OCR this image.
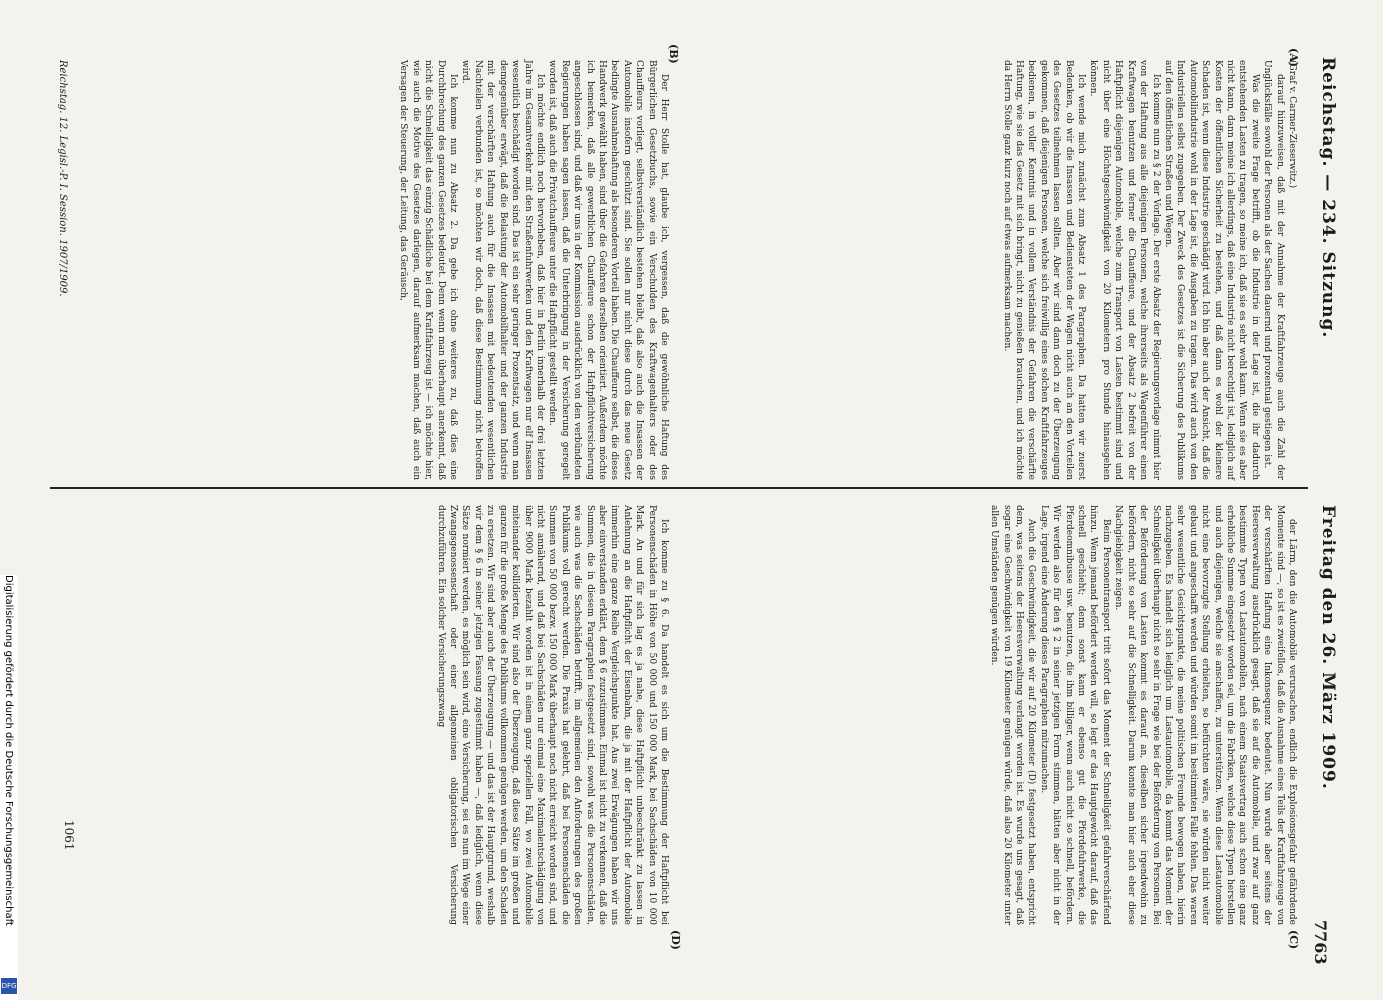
Reichstag. — 234. Sitzung.
Freitag den 26. März 1909.
7763
(A)
(B)
(C)
(D)

(Graf v. Carmer-Zieserwitz.)

darauf hinzuweisen, daß mit der Annahme der Kraftfahrzeuge auch die Zahl der Unglücksfälle sowohl der Personen als der Sachen dauernd und prozentual gestiegen ist.

Was die zweite Frage betrifft, ob die Industrie in der Lage ist, die ihr dadurch entstehenden Lasten zu tragen, so meine ich, daß sie es sehr wohl kann. Wenn sie es aber nicht kann, dann meine ich allerdings, daß eine Industrie nicht berechtigt ist, lediglich auf Kosten der öffentlichen Sicherheit zu bestehen, und daß dann es wohl der kleinere Schaden ist, wenn diese Industrie geschädigt wird. Ich bin aber auch der Ansicht, daß die Automobilindustrie wohl in der Lage ist, die Ausgaben zu tragen. Das wird auch von den Industriellen selbst zugegeben. Der Zweck des Gesetzes ist die Sicherung des Publikums auf den öffentlichen Straßen und Wegen.

Ich komme nun zu § 2 der Vorlage. Der erste Absatz der Regierungsvorlage nimmt hier von der Haftung aus alle diejenigen Personen, welche ihrerseits als Wagenführer einen Kraftwagen benutzen und ferner die Chauffeure, und der Absatz 2 befreit von der Haftpflicht diejenigen Automobile, welche zum Transport von Lasten bestimmt sind und nicht über eine Höchstgeschwindigkeit von 20 Kilometern pro Stunde hinausgehen können.

Ich wende mich zunächst zum Absatz 1 des Paragraphen. Da hatten wir zuerst Bedenken, ob wir die Insassen und Bediensteten der Wagen nicht auch an den Vorteilen des Gesetzes teilnehmen lassen sollten. Aber wir sind dann doch zu der Überzeugung gekommen, daß diejenigen Personen, welche sich freiwillig eines solchen Kraftfahrzeuges bedienen, in voller Kenntnis und in vollem Verständnis der Gefahren die verschärfte Haftung, wie sie das Gesetz mit sich bringt, nicht zu genießen brauchen, und ich möchte da Herrn Stolle ganz kurz noch auf etwas aufmerksam machen.

Der Herr Stolle hat, glaube ich, vergessen, daß die gewöhnliche Haftung des Bürgerlichen Gesetzbuchs, sowie ein Verschulden des Kraftwagenhalters oder des Chauffeurs vorliegt, selbstverständlich bestehen bleibt, daß also auch die Insassen der Automobile insofern geschützt sind. Sie sollen nur nicht diese durch das neue Gesetz bedingte Ausnahmehaftung als besonderen Vorteil haben. Die Chauffeure selbst, die dieses Handwerk gewählt haben, sind über die Gefahren derselben orientiert. Außerdem möchte ich bemerken, daß alle gewerblichen Chauffeure schon der Haftpflichtversicherung angeschlossen sind, und daß wir uns in der Kommission ausdrücklich von den verbündeten Regierungen haben sagen lassen, daß die Unterbringung in der Versicherung geregelt worden ist, daß auch die Privatchauffeure unter die Haftpflicht gestellt werden.

Ich möchte endlich noch hervorheben, daß hier in Berlin innerhalb der drei letzten Jahre im Gesamtverkehr mit den Straßenfuhrwerken und den Kraftwagen nur elf Insassen wesentlich beschädigt worden sind. Das ist ein sehr geringer Prozentsatz, und wenn man demgegenüber erwägt, daß die Belastung der Automobilhalter und der ganzen Industrie mit der verschärften Haftung auch für die Insassen mit bedeutenden wesentlichen Nachteilen verbunden ist, so möchten wir doch, daß diese Bestimmung nicht betroffen wird.

Ich komme nun zu Absatz 2. Da gebe ich ohne weiteres zu, daß dies eine Durchbrechung des ganzen Gesetzes bedeutet. Denn wenn man überhaupt anerkennt, daß nicht die Schnelligkeit das einzig Schädliche bei dem Kraftfahrzeug ist — ich möchte hier, wie auch die Motive des Gesetzes darlegen, darauf aufmerksam machen, daß auch ein Versagen der Steuerung, der Leitung, das Geräusch,

der Lärm, den die Automobile verursachen, endlich die Explosionsgefahr gefährdende Momente sind —, so ist es zweifellos, daß die Ausnahme eines Teils der Kraftfahrzeuge von der verschärften Haftung eine Inkonsequenz bedeutet. Nun wurde aber seitens der Heeresverwaltung ausdrücklich gesagt, daß sie auf die Automobile, und zwar auf ganz bestimmte Typen von Lastautomobilen, nach einem Staatsvertrag auch schon eine ganz erhebliche Summe eingesetzt worden sei, um die Fabriken, welche diese Typen herstellen und auch diejenigen, welche sie anschaffen, zu unterstützen. Wenn diese Lastautomobile nicht eine bevorzugte Stellung erhielten, so befürchten wäre, sie würden nicht weiter gebaut und angeschafft werden und würden somit im bestimmten Falle fehlen. Das waren sehr wesentliche Gesichtspunkte, die meine politischen Freunde bewogen haben, hierin nachzugeben. Es handelt sich lediglich um Lastautomobile, da kommt das Moment der Schnelligkeit überhaupt nicht so sehr in Frage wie bei der Beförderung von Personen. Bei der Beförderung von Lasten kommt es darauf an, dieselben sicher irgendwohin zu befördern, nicht so sehr auf die Schnelligkeit. Darum konnte man hier auch eher diese Nachgiebigkeit zeigen.

Beim Personentransport tritt sofort das Moment der Schnelligkeit gefahrverschärfend hinzu. Wenn jemand befördert werden will, so legt er das Hauptgewicht darauf, daß das schnell geschieht; denn sonst kann er ebenso gut die Pferdefuhrwerke, die Pferdeomnibusse usw. benutzen, die ihm billiger, wenn auch nicht so schnell, befördern. Wir werden also für den § 2 in seiner jetzigen Form stimmen, hätten aber nicht in der Lage, irgend eine Änderung dieses Paragraphen mitzumachen.

Auch die Geschwindigkeit, die wir auf 20 Kilometer (D) festgesetzt haben, entspricht dem, was seitens der Heeresverwaltung verlangt worden ist. Es wurde uns gesagt, daß sogar eine Geschwindigkeit von 19 Kilometer genügen würde, daß also 20 Kilometer unter allen Umständen genügen würden.

Ich komme zu § 6. Da handelt es sich um die Bestimmung der Haftpflicht bei Personenschäden in Höhe von 50 000 und 150 000 Mark, bei Sachschäden von 10 000 Mark. An und für sich lag es ja nahe, diese Haftpflicht unbeschränkt zu lassen in Anlehnung an die Haftpflicht der Eisenbahn, die ja mit der Haftpflicht der Automobile immerhin eine ganze Reihe Vergleichspunkte hat. Aus zwei Erwägungen haben wir uns aber einverstanden erklärt, dem § 6 zuzustimmen. Einmal ist nicht zu verkennen, daß die Summen, die in diesem Paragraphen festgesetzt sind, sowohl was die Personenschäden, wie auch was die Sachschäden betrifft, im allgemeinen den Anforderungen des großen Publikums voll gerecht werden. Die Praxis hat gelehrt, daß bei Personenschäden die Summen von 50 000 bezw. 150 000 Mark überhaupt noch nicht erreicht worden sind, und nicht annähernd, und daß bei Sachschäden nur einmal eine Maximalentschädigung von über 9000 Mark bezahlt worden ist in einem ganz speziellen Fall, wo zwei Automobile miteinander kollidierten. Wir sind also der Überzeugung, daß diese Sätze im großen und ganzen für die große Menge des Publikums vollkommen genügen werden, um den Schaden zu ersetzen. Wir sind aber auch der Überzeugung — und das ist der Hauptgrund, weshalb wir dem § 6 in seiner jetzigen Fassung zugestimmt haben —, daß lediglich, wenn diese Sätze normiert werden, es möglich sein wird, eine Versicherung, sei es nun im Wege einer Zwangsgenossenschaft oder einer allgemeinen obligatorischen Versicherung durchzuführen. Ein solcher Versicherungszwang

Reichstag. 12. Legisl.-P. I. Session. 1907/1909.
1061
Digitalisierung gefördert durch die Deutsche Forschungsgemeinschaft
DFG
